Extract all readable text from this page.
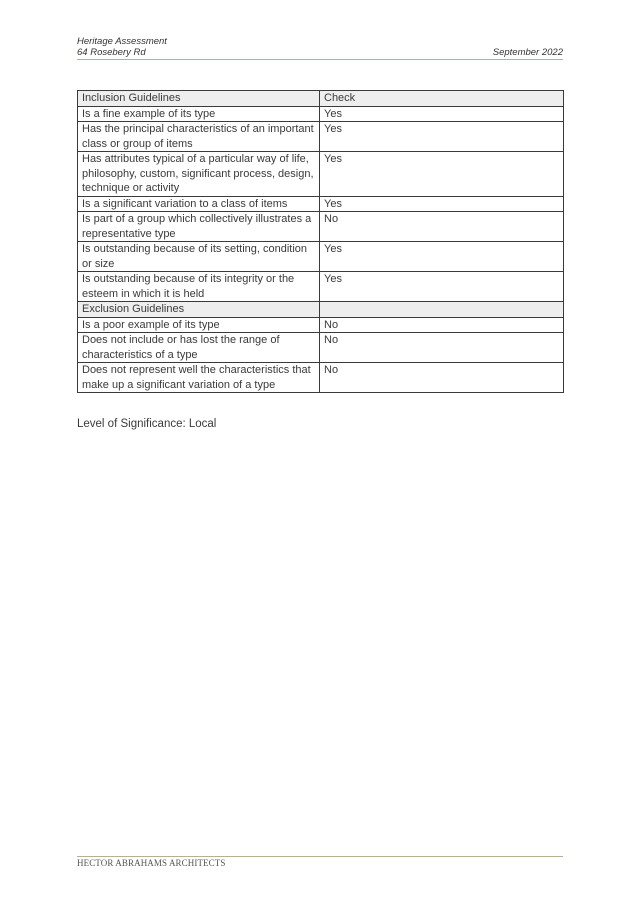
Heritage Assessment
64 Rosebery Rd	September 2022
Inclusion Guidelines	Check
Is a fine example of its type	Yes
Has the principal characteristics of an important class or group of items	Yes
Has attributes typical of a particular way of life, philosophy, custom, significant process, design, technique or activity	Yes
Is a significant variation to a class of items	Yes
Is part of a group which collectively illustrates a representative type	No
Is outstanding because of its setting, condition or size	Yes
Is outstanding because of its integrity or the esteem in which it is held	Yes
Exclusion Guidelines	
Is a poor example of its type	No
Does not include or has lost the range of characteristics of a type	No
Does not represent well the characteristics that make up a significant variation of a type	No
Level of Significance: Local
HECTOR ABRAHAMS ARCHITECTS
